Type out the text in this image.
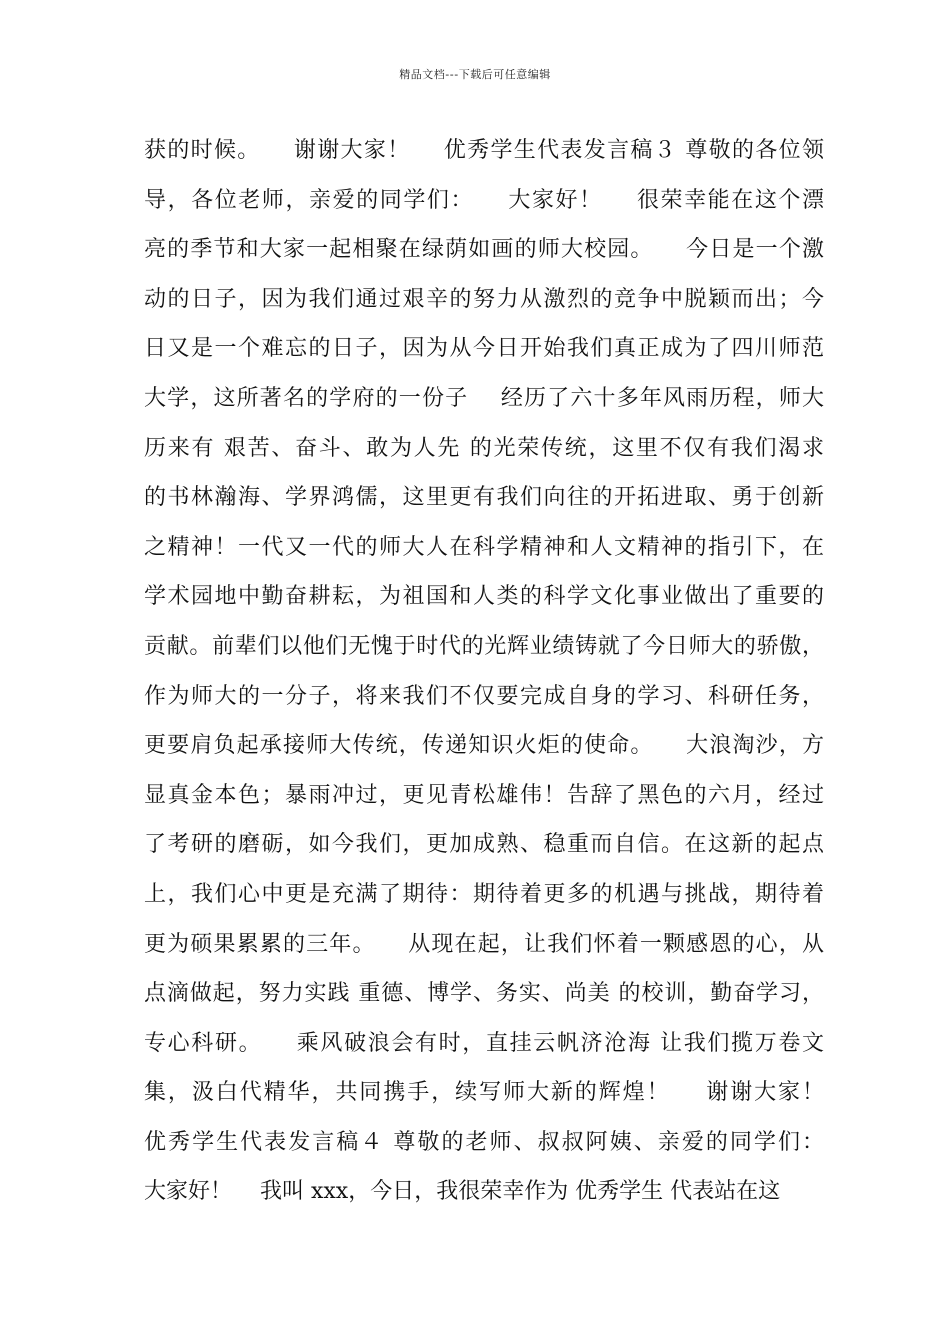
精品文档---下载后可任意编辑
获的时候。    谢谢大家！    优秀学生代表发言稿３ 尊敬的各位领
导，各位老师，亲爱的同学们：    大家好！    很荣幸能在这个漂
亮的季节和大家一起相聚在绿荫如画的师大校园。    今日是一个激
动的日子，因为我们通过艰辛的努力从激烈的竞争中脱颖而出；今
日又是一个难忘的日子，因为从今日开始我们真正成为了四川师范
大学，这所著名的学府的一份子    经历了六十多年风雨历程，师大
历来有 艰苦、奋斗、敢为人先 的光荣传统，这里不仅有我们渴求
的书林瀚海、学界鸿儒，这里更有我们向往的开拓进取、勇于创新
之精神！一代又一代的师大人在科学精神和人文精神的指引下，在
学术园地中勤奋耕耘，为祖国和人类的科学文化事业做出了重要的
贡献。前辈们以他们无愧于时代的光辉业绩铸就了今日师大的骄傲，
作为师大的一分子，将来我们不仅要完成自身的学习、科研任务，
更要肩负起承接师大传统，传递知识火炬的使命。    大浪淘沙，方
显真金本色；暴雨冲过，更见青松雄伟！告辞了黑色的六月，经过
了考研的磨砺，如今我们，更加成熟、稳重而自信。在这新的起点
上，我们心中更是充满了期待：期待着更多的机遇与挑战，期待着
更为硕果累累的三年。    从现在起，让我们怀着一颗感恩的心，从
点滴做起，努力实践 重德、博学、务实、尚美 的校训，勤奋学习，
专心科研。    乘风破浪会有时，直挂云帆济沧海 让我们揽万卷文
集，汲白代精华，共同携手，续写师大新的辉煌！    谢谢大家！
优秀学生代表发言稿４ 尊敬的老师、叔叔阿姨、亲爱的同学们：
大家好！    我叫 xxx，今日，我很荣幸作为 优秀学生 代表站在这
